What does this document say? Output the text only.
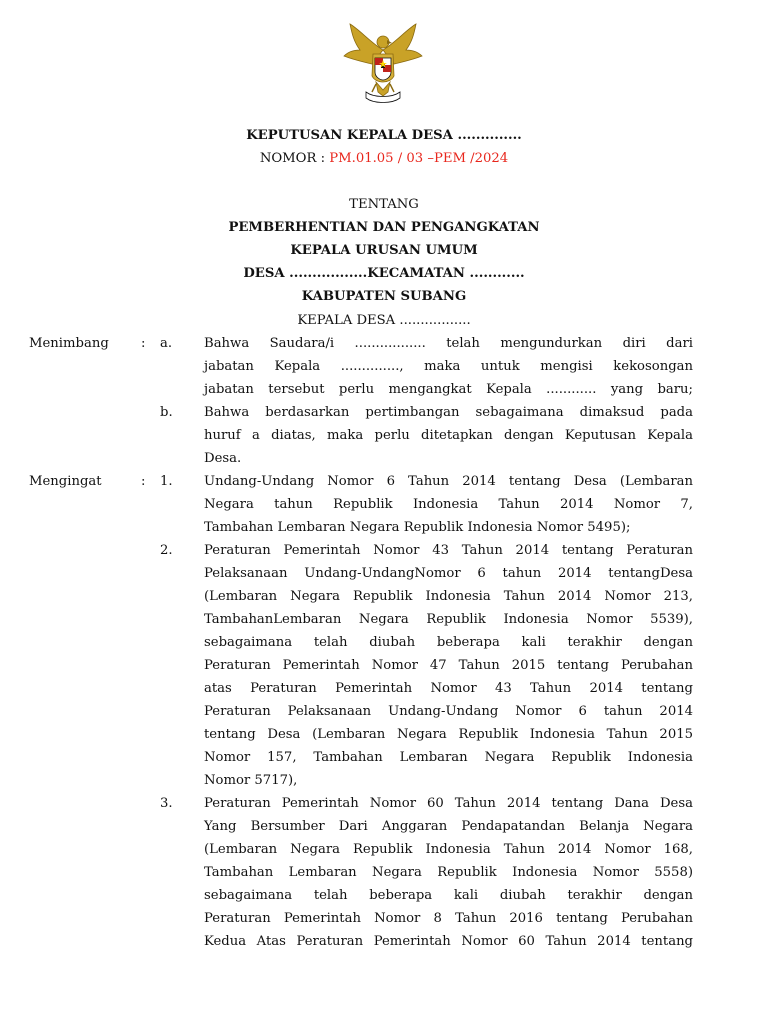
KEPUTUSAN KEPALA DESA ..............
NOMOR : PM.01.05 / 03 –PEM /2024
TENTANG
PEMBERHENTIAN DAN PENGANGKATAN
KEPALA URUSAN UMUM
DESA .................KECAMATAN ............
KABUPATEN SUBANG
KEPALA DESA .................
Menimbang : a. Bahwa Saudara/i ................. telah mengundurkan diri dari
jabatan Kepala .............., maka untuk mengisi kekosongan
jabatan tersebut perlu mengangkat Kepala ............ yang baru;
b. Bahwa berdasarkan pertimbangan sebagaimana dimaksud pada
huruf a diatas, maka perlu ditetapkan dengan Keputusan Kepala
Desa.
Mengingat	: 1. Undang-Undang Nomor 6 Tahun 2014 tentang Desa (Lembaran
Negara tahun Republik Indonesia Tahun 2014 Nomor 7,
Tambahan Lembaran Negara Republik Indonesia Nomor 5495);
2. Peraturan Pemerintah Nomor 43 Tahun 2014 tentang Peraturan
Pelaksanaan Undang-UndangNomor 6 tahun 2014 tentangDesa
(Lembaran Negara Republik Indonesia Tahun 2014 Nomor 213,
TambahanLembaran Negara Republik Indonesia Nomor 5539),
sebagaimana telah diubah beberapa kali terakhir dengan
Peraturan Pemerintah Nomor 47 Tahun 2015 tentang Perubahan
atas Peraturan Pemerintah Nomor 43 Tahun 2014 tentang
Peraturan Pelaksanaan Undang-Undang Nomor 6 tahun 2014
tentang Desa (Lembaran Negara Republik Indonesia Tahun 2015
Nomor 157, Tambahan Lembaran Negara Republik Indonesia
Nomor 5717),
3. Peraturan Pemerintah Nomor 60 Tahun 2014 tentang Dana Desa
Yang Bersumber Dari Anggaran Pendapatandan Belanja Negara
(Lembaran Negara Republik Indonesia Tahun 2014 Nomor 168,
Tambahan Lembaran Negara Republik Indonesia Nomor 5558)
sebagaimana telah beberapa kali diubah terakhir dengan
Peraturan Pemerintah Nomor 8 Tahun 2016 tentang Perubahan
Kedua Atas Peraturan Pemerintah Nomor 60 Tahun 2014 tentang
